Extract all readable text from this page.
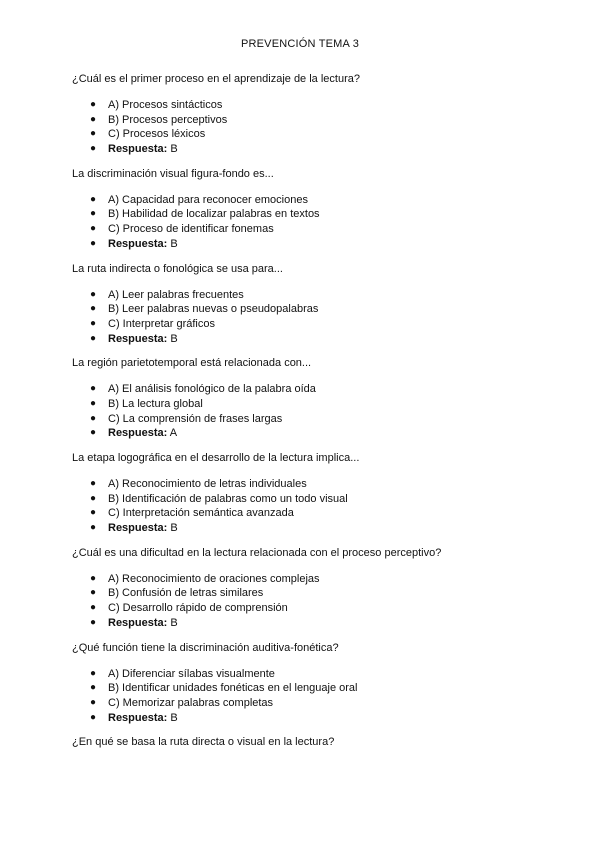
PREVENCIÓN TEMA 3

¿Cuál es el primer proceso en el aprendizaje de la lectura?

● A) Procesos sintácticos
● B) Procesos perceptivos
● C) Procesos léxicos
● Respuesta: B

La discriminación visual figura-fondo es...

● A) Capacidad para reconocer emociones
● B) Habilidad de localizar palabras en textos
● C) Proceso de identificar fonemas
● Respuesta: B

La ruta indirecta o fonológica se usa para...

● A) Leer palabras frecuentes
● B) Leer palabras nuevas o pseudopalabras
● C) Interpretar gráficos
● Respuesta: B

La región parietotemporal está relacionada con...

● A) El análisis fonológico de la palabra oída
● B) La lectura global
● C) La comprensión de frases largas
● Respuesta: A

La etapa logográfica en el desarrollo de la lectura implica...

● A) Reconocimiento de letras individuales
● B) Identificación de palabras como un todo visual
● C) Interpretación semántica avanzada
● Respuesta: B

¿Cuál es una dificultad en la lectura relacionada con el proceso perceptivo?

● A) Reconocimiento de oraciones complejas
● B) Confusión de letras similares
● C) Desarrollo rápido de comprensión
● Respuesta: B

¿Qué función tiene la discriminación auditiva-fonética?

● A) Diferenciar sílabas visualmente
● B) Identificar unidades fonéticas en el lenguaje oral
● C) Memorizar palabras completas
● Respuesta: B

¿En qué se basa la ruta directa o visual en la lectura?
